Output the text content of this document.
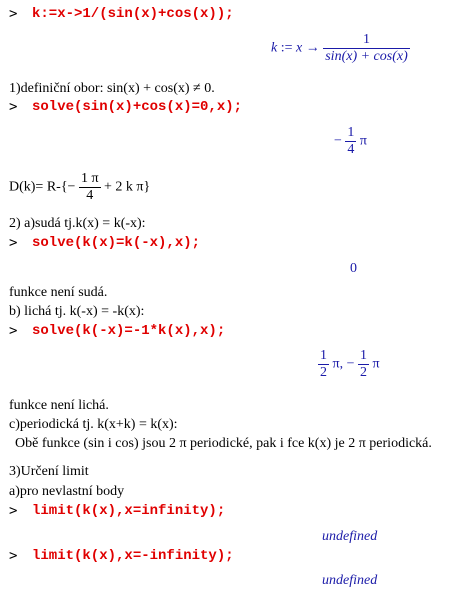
> k:=x->1/(sin(x)+cos(x));
k := $x \to \frac{1}{\sin(x) + \cos(x)}$
1)definiční obor: sin(x) + cos(x) ≠ 0.
> solve(sin(x)+cos(x)=0,x);
− $\frac{1}{4}$ π
$D(k)= R-\{- \frac{1 \pi}{4} + 2$ k π}
2) a)sudá tj.k(x) = k(-x):
> solve(k(x)=k(-x),x);
0
funkce není sudá.
b) lichá tj. k(-x) = -k(x):
> solve(k(-x)=-1*k(x),x);
$\frac{1}{2} \pi$, − $\frac{1}{2}$ π
funkce není lichá.
c)periodická tj. k(x+k) = k(x):
Obě funkce (sin i cos) jsou 2 π periodické, pak i fce k(x) je 2 π periodická.
3)Určení limit
a)pro nevlastní body
> limit(k(x),x=infinity);
undefined
> limit(k(x),x=-infinity);
undefined
